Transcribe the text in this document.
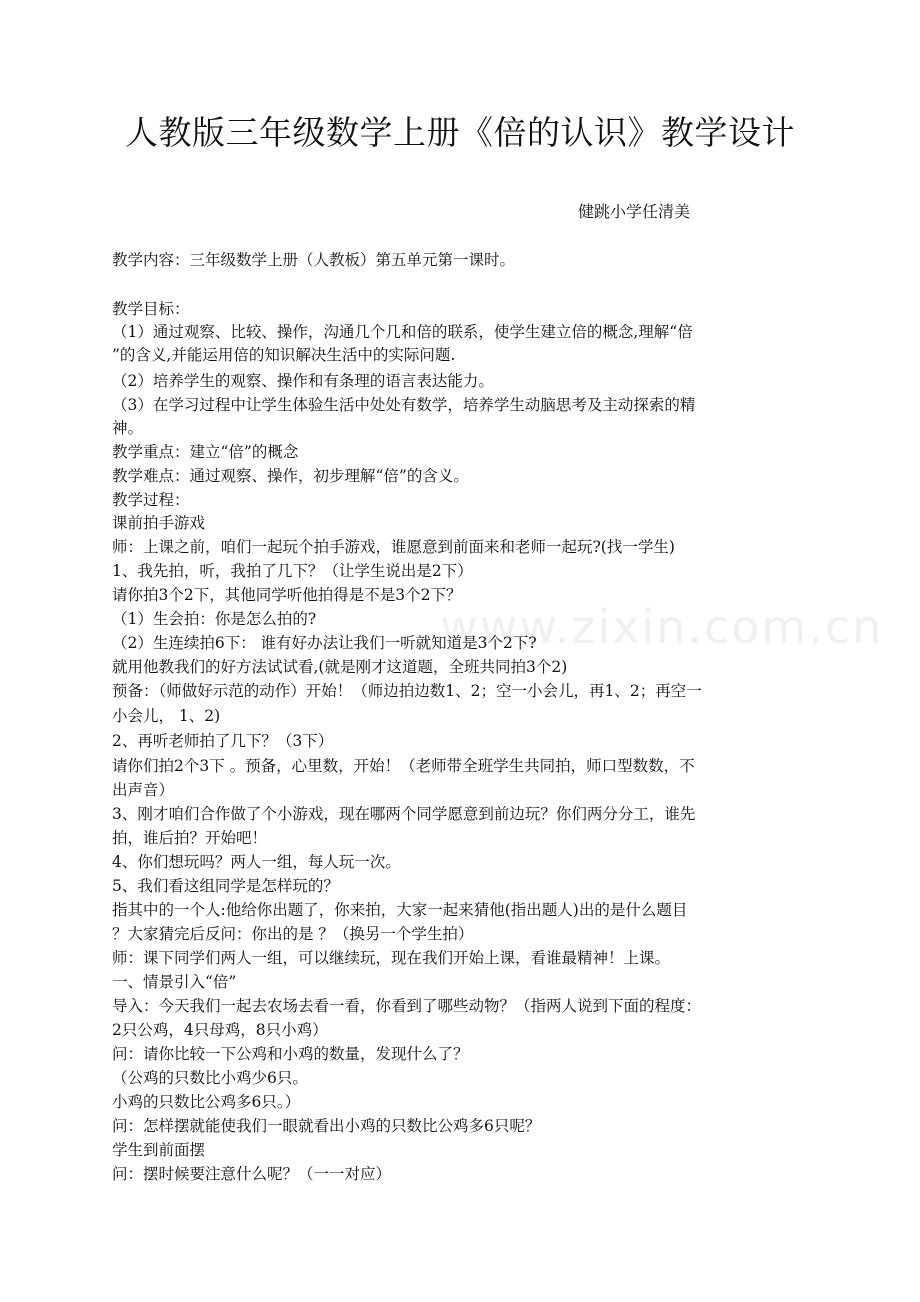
人教版三年级数学上册《倍的认识》教学设计
健跳小学任清美
www.zixin.com.cn
教学内容：三年级数学上册（人教板）第五单元第一课时。
教学目标：
（1）通过观察、比较、操作，沟通几个几和倍的联系，使学生建立倍的概念,理解“倍
”的含义,并能运用倍的知识解决生活中的实际问题.
（2）培养学生的观察、操作和有条理的语言表达能力。
（3）在学习过程中让学生体验生活中处处有数学，培养学生动脑思考及主动探索的精
神。
教学重点：建立“倍”的概念
教学难点：通过观察、操作，初步理解“倍”的含义。
教学过程：
课前拍手游戏
师：上课之前，咱们一起玩个拍手游戏，谁愿意到前面来和老师一起玩?(找一学生)
1、我先拍，听，我拍了几下？（让学生说出是2下）
请你拍3个2下，其他同学听他拍得是不是3个2下？
（1）生会拍：你是怎么拍的?
（2）生连续拍6下： 谁有好办法让我们一听就知道是3个2下?
就用他教我们的好方法试试看,(就是刚才这道题，全班共同拍3个2)
预备：（师做好示范的动作）开始！（师边拍边数1、2；空一小会儿，再1、2；再空一
小会儿， 1、2)
2、再听老师拍了几下？（3下）
请你们拍2个3下 。预备，心里数，开始！（老师带全班学生共同拍，师口型数数，不
出声音）
3、刚才咱们合作做了个小游戏，现在哪两个同学愿意到前边玩？你们两分分工，谁先
拍，谁后拍？开始吧！
4、你们想玩吗？两人一组，每人玩一次。
5、我们看这组同学是怎样玩的？
指其中的一个人:他给你出题了，你来拍，大家一起来猜他(指出题人)出的是什么题目
？大家猜完后反问：你出的是 ？（换另一个学生拍）
师：课下同学们两人一组，可以继续玩，现在我们开始上课，看谁最精神！上课。
一、情景引入“倍”
导入：今天我们一起去农场去看一看，你看到了哪些动物？（指两人说到下面的程度：
2只公鸡，4只母鸡，8只小鸡）
问：请你比较一下公鸡和小鸡的数量，发现什么了？
（公鸡的只数比小鸡少6只。
小鸡的只数比公鸡多6只。）
问：怎样摆就能使我们一眼就看出小鸡的只数比公鸡多6只呢？
学生到前面摆
问：摆时候要注意什么呢？（一一对应）
